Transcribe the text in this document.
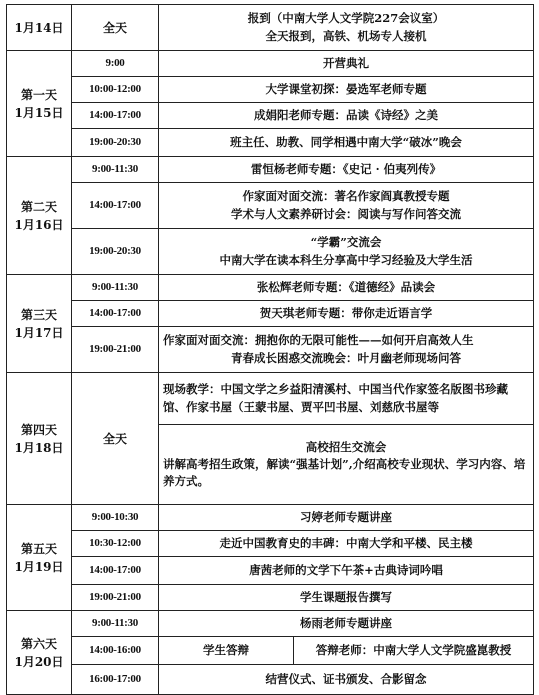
1月14日	全天	报到（中南大学人文学院227会议室）
全天报到，高铁、机场专人接机	

第一天
1月15日	9:00	开营典礼	

	10:00-12:00	大学课堂初探：晏选军老师专题	

	14:00-17:00	成娟阳老师专题：品读《诗经》之美	

	19:00-20:30	班主任、助教、同学相遇中南大学“破冰”晚会	

第二天
1月16日	9:00-11:30	雷恒杨老师专题：《史记 · 伯夷列传》	

	14:00-17:00	作家面对面交流：著名作家阎真教授专题
学术与人文素养研讨会：阅读与写作问答交流	

	19:00-20:30	“学霸”交流会
中南大学在读本科生分享高中学习经验及大学生活	

第三天
1月17日	9:00-11:30	张松辉老师专题：《道德经》品读会	

	14:00-17:00	贺天琪老师专题：带你走近语言学	

	19:00-21:00	作家面对面交流：拥抱你的无限可能性——如何开启高效人生
青春成长困惑交流晚会：叶月幽老师现场问答	

第四天
1月18日	全天	现场教学：中国文学之乡益阳清溪村、中国当代作家签名版图书珍藏馆、作家书屋（王蒙书屋、贾平凹书屋、刘慈欣书屋等	

		高校招生交流会
讲解高考招生政策，解读“强基计划”,介绍高校专业现状、学习内容、培养方式。	

第五天
1月19日	9:00-10:30	习婷老师专题讲座	

	10:30-12:00	走近中国教育史的丰碑：中南大学和平楼、民主楼	

	14:00-17:00	唐茜老师的文学下午茶+古典诗词吟唱	

	19:00-21:00	学生课题报告撰写	

第六天
1月20日	9:00-11:30	杨雨老师专题讲座	

	14:00-16:00	学生答辩	答辩老师：中南大学人文学院盛崑教授
	16:00-17:00	结营仪式、证书颁发、合影留念	
